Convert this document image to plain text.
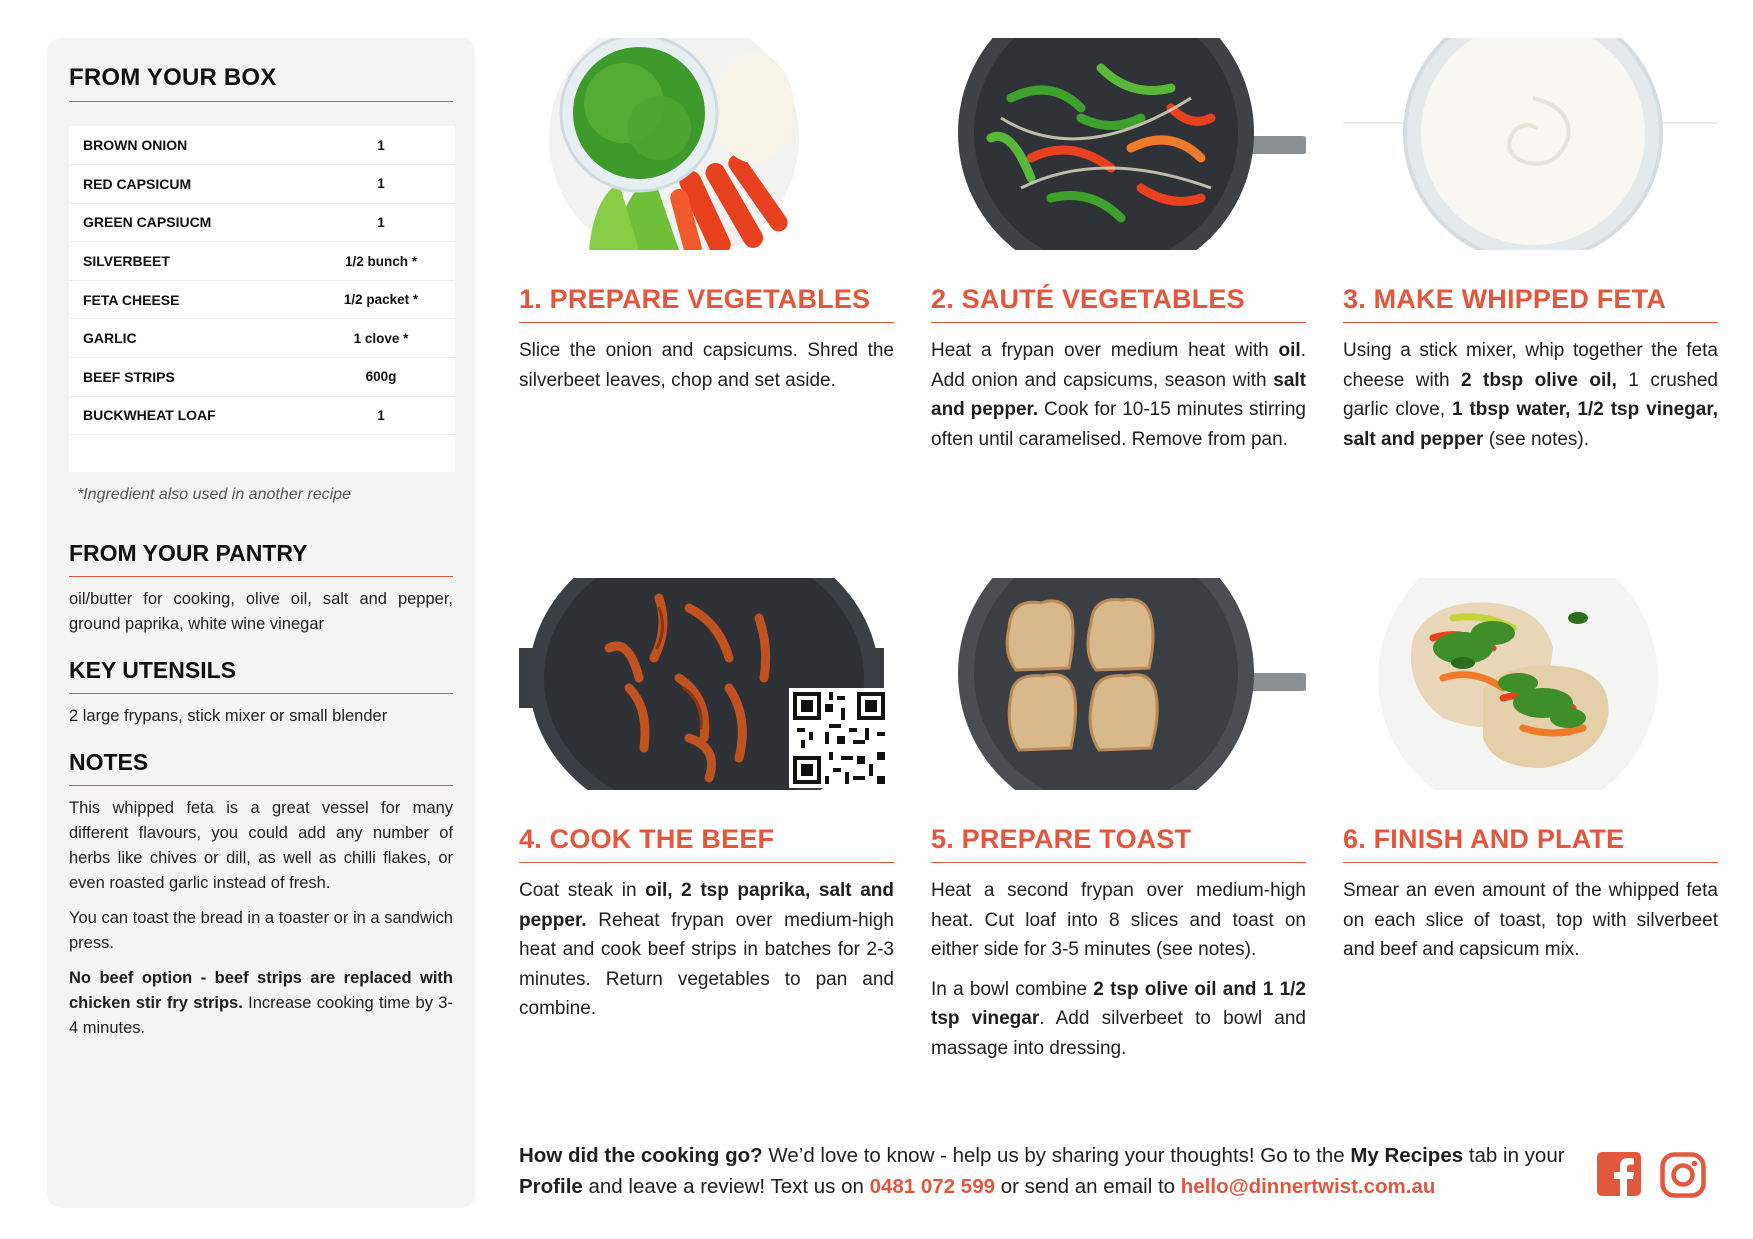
FROM YOUR BOX
BROWN ONION	1
RED CAPSICUM	1
GREEN CAPSIUCM	1
SILVERBEET	1/2 bunch *
FETA CHEESE	1/2 packet *
GARLIC	1 clove *
BEEF STRIPS	600g
BUCKWHEAT LOAF	1

*Ingredient also used in another recipe
FROM YOUR PANTRY
oil/butter for cooking, olive oil, salt and pepper, ground paprika, white wine vinegar
KEY UTENSILS
2 large frypans, stick mixer or small blender
NOTES

This whipped feta is a great vessel for many different flavours, you could add any number of herbs like chives or dill, as well as chilli flakes, or even roasted garlic instead of fresh.

You can toast the bread in a toaster or in a sandwich press.

No beef option - beef strips are replaced with chicken stir fry strips. Increase cooking time by 3-4 minutes.

1. PREPARE VEGETABLES

Slice the onion and capsicums. Shred the silverbeet leaves, chop and set aside.

2. SAUTÉ VEGETABLES

Heat a frypan over medium heat with oil. Add onion and capsicums, season with salt and pepper. Cook for 10-15 minutes stirring often until caramelised. Remove from pan.

3. MAKE WHIPPED FETA

Using a stick mixer, whip together the feta cheese with 2 tbsp olive oil, 1 crushed garlic clove, 1 tbsp water, 1/2 tsp vinegar, salt and pepper (see notes).

4. COOK THE BEEF

Coat steak in oil, 2 tsp paprika, salt and pepper. Reheat frypan over medium-high heat and cook beef strips in batches for 2-3 minutes. Return vegetables to pan and combine.

5. PREPARE TOAST

Heat a second frypan over medium-high heat. Cut loaf into 8 slices and toast on either side for 3-5 minutes (see notes).

In a bowl combine 2 tsp olive oil and 1 1/2 tsp vinegar. Add silverbeet to bowl and massage into dressing.

6. FINISH AND PLATE

Smear an even amount of the whipped feta on each slice of toast, top with silverbeet and beef and capsicum mix.

How did the cooking go? We’d love to know - help us by sharing your thoughts! Go to the My Recipes tab in your Profile and leave a review! Text us on 0481 072 599 or send an email to hello@dinnertwist.com.au
